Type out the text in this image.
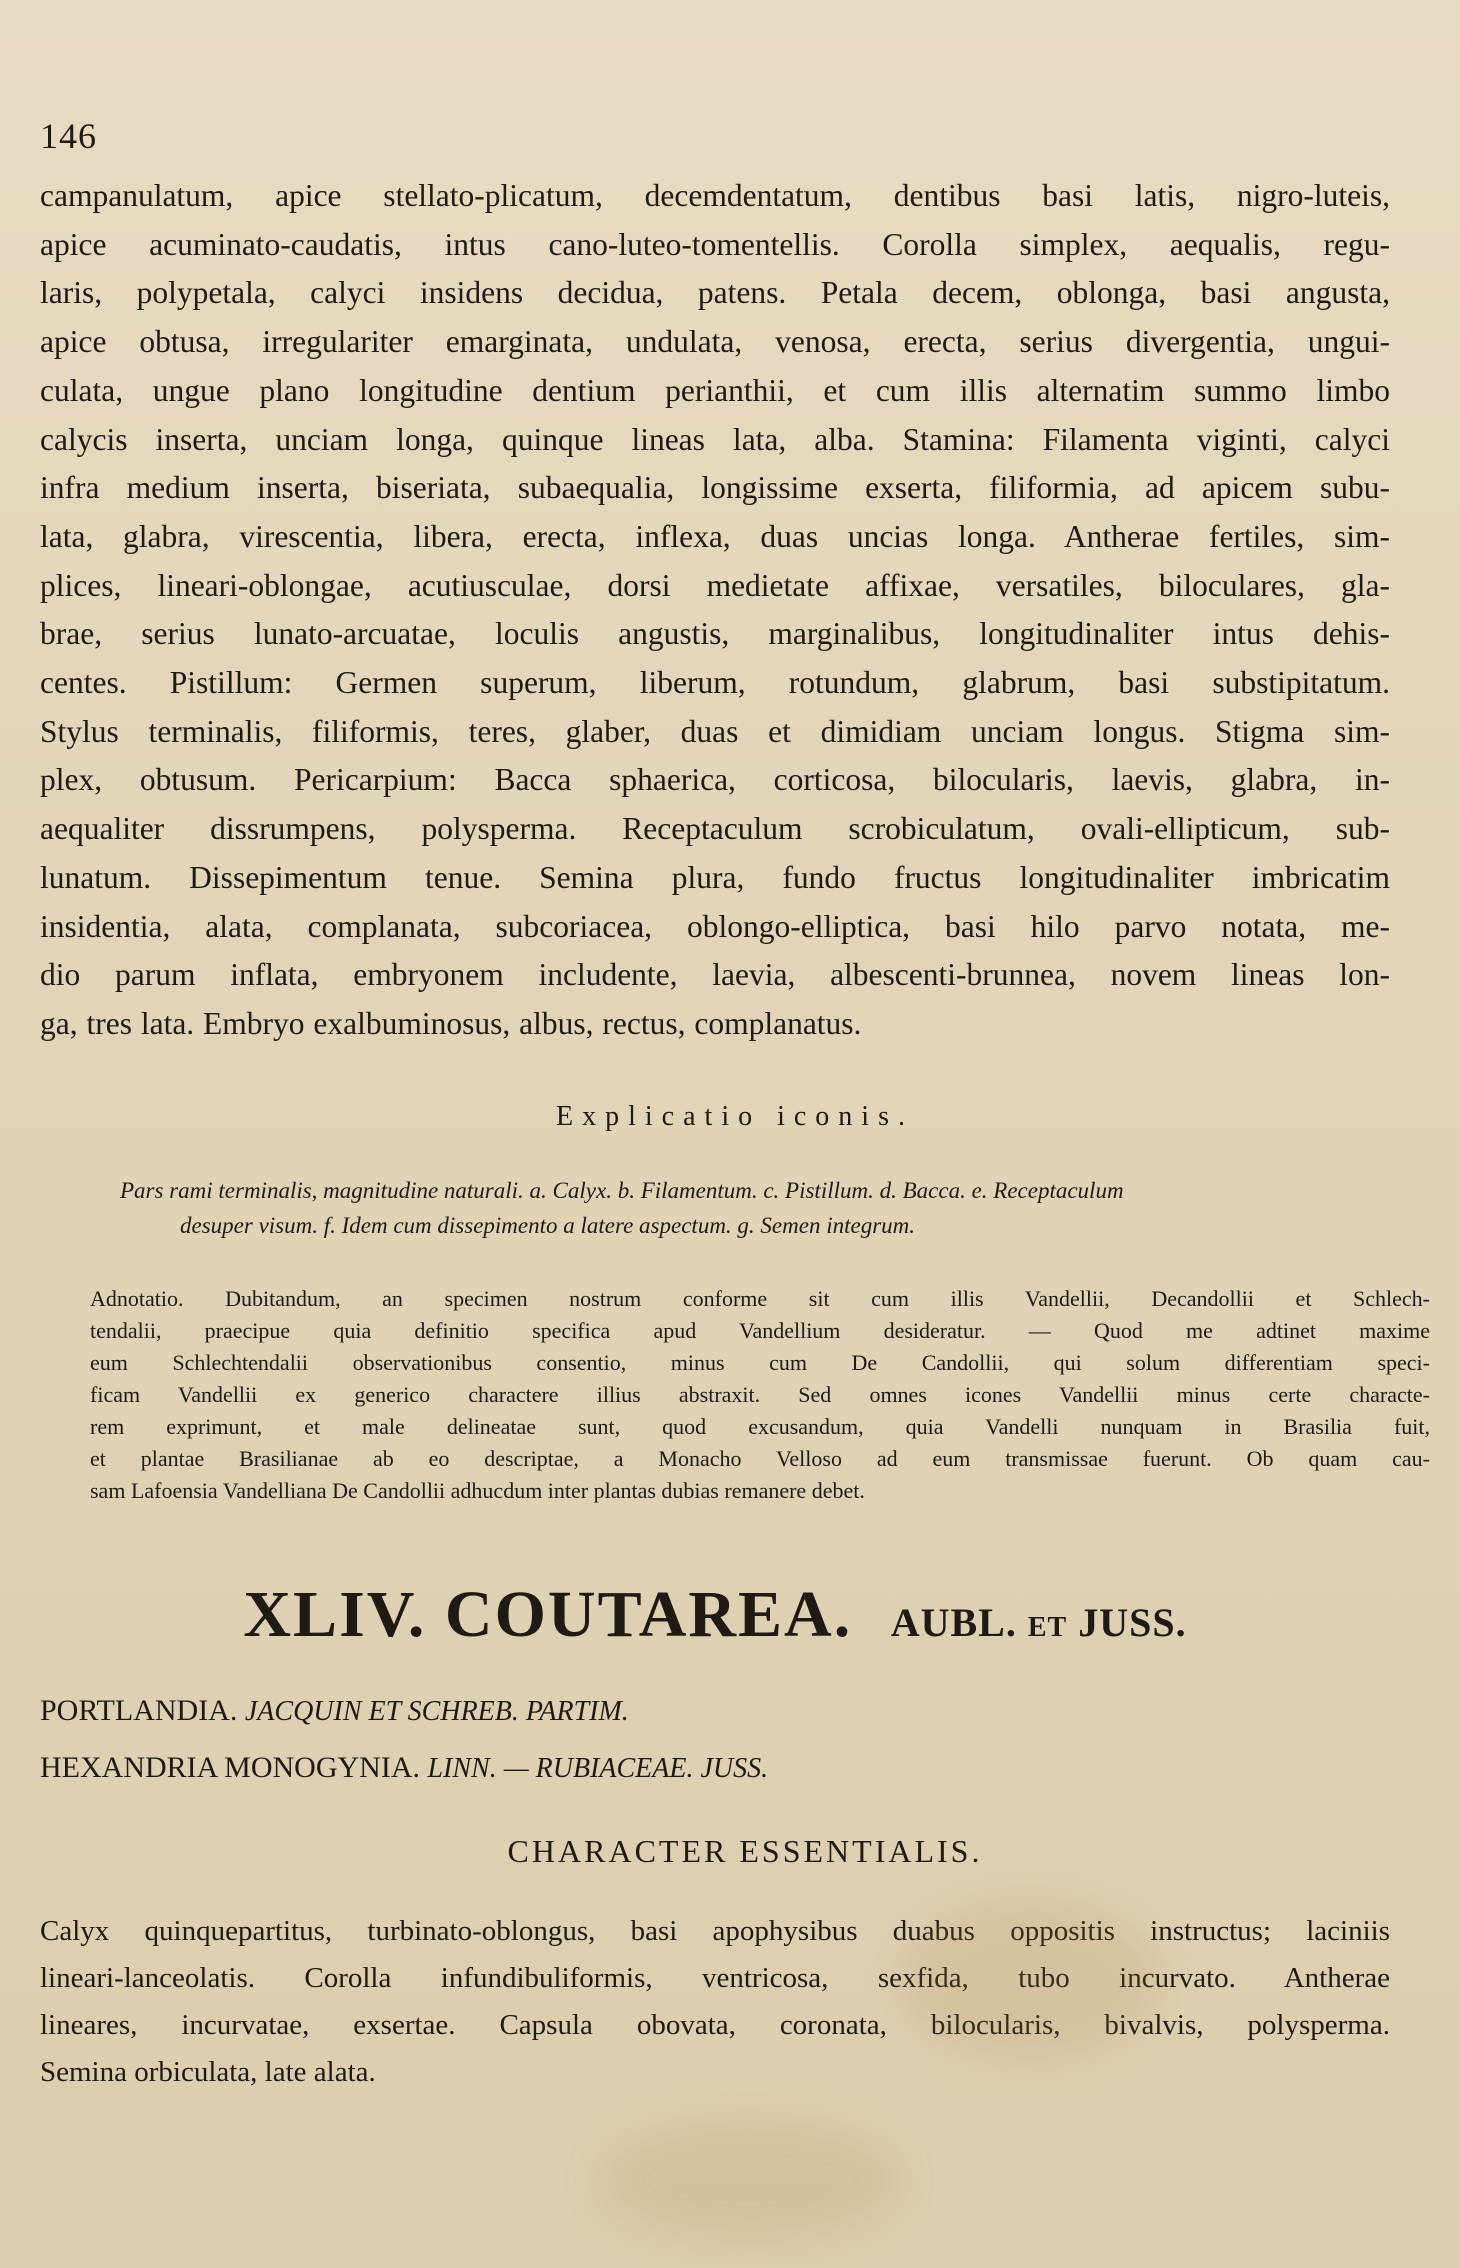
146
campanulatum, apice stellato-plicatum, decemdentatum, dentibus basi latis, nigro-luteis,
apice acuminato-caudatis, intus cano-luteo-tomentellis. Corolla simplex, aequalis, regu-
laris, polypetala, calyci insidens decidua, patens. Petala decem, oblonga, basi angusta,
apice obtusa, irregulariter emarginata, undulata, venosa, erecta, serius divergentia, ungui-
culata, ungue plano longitudine dentium perianthii, et cum illis alternatim summo limbo
calycis inserta, unciam longa, quinque lineas lata, alba. Stamina: Filamenta viginti, calyci
infra medium inserta, biseriata, subaequalia, longissime exserta, filiformia, ad apicem subu-
lata, glabra, virescentia, libera, erecta, inflexa, duas uncias longa. Antherae fertiles, sim-
plices, lineari-oblongae, acutiusculae, dorsi medietate affixae, versatiles, biloculares, gla-
brae, serius lunato-arcuatae, loculis angustis, marginalibus, longitudinaliter intus dehis-
centes. Pistillum: Germen superum, liberum, rotundum, glabrum, basi substipitatum.
Stylus terminalis, filiformis, teres, glaber, duas et dimidiam unciam longus. Stigma sim-
plex, obtusum. Pericarpium: Bacca sphaerica, corticosa, bilocularis, laevis, glabra, in-
aequaliter dissrumpens, polysperma. Receptaculum scrobiculatum, ovali-ellipticum, sub-
lunatum. Dissepimentum tenue. Semina plura, fundo fructus longitudinaliter imbricatim
insidentia, alata, complanata, subcoriacea, oblongo-elliptica, basi hilo parvo notata, me-
dio parum inflata, embryonem includente, laevia, albescenti-brunnea, novem lineas lon-
ga, tres lata. Embryo exalbuminosus, albus, rectus, complanatus.
Explicatio iconis.
Pars rami terminalis, magnitudine naturali. a. Calyx. b. Filamentum. c. Pistillum. d. Bacca. e. Receptaculum
desuper visum. f. Idem cum dissepimento a latere aspectum. g. Semen integrum.
Adnotatio. Dubitandum, an specimen nostrum conforme sit cum illis Vandellii, Decandollii et Schlech-
tendalii, praecipue quia definitio specifica apud Vandellium desideratur. — Quod me adtinet maxime
eum Schlechtendalii observationibus consentio, minus cum De Candollii, qui solum differentiam speci-
ficam Vandellii ex generico charactere illius abstraxit. Sed omnes icones Vandellii minus certe characte-
rem exprimunt, et male delineatae sunt, quod excusandum, quia Vandelli nunquam in Brasilia fuit,
et plantae Brasilianae ab eo descriptae, a Monacho Velloso ad eum transmissae fuerunt. Ob quam cau-
sam Lafoensia Vandelliana De Candollii adhucdum inter plantas dubias remanere debet.
XLIV. COUTAREA. AUBL. ET JUSS.
PORTLANDIA. JACQUIN ET SCHREB. PARTIM.
HEXANDRIA MONOGYNIA. LINN. — RUBIACEAE. JUSS.
CHARACTER ESSENTIALIS.
Calyx quinquepartitus, turbinato-oblongus, basi apophysibus duabus oppositis instructus; laciniis
lineari-lanceolatis. Corolla infundibuliformis, ventricosa, sexfida, tubo incurvato. Antherae
lineares, incurvatae, exsertae. Capsula obovata, coronata, bilocularis, bivalvis, polysperma.
Semina orbiculata, late alata.
